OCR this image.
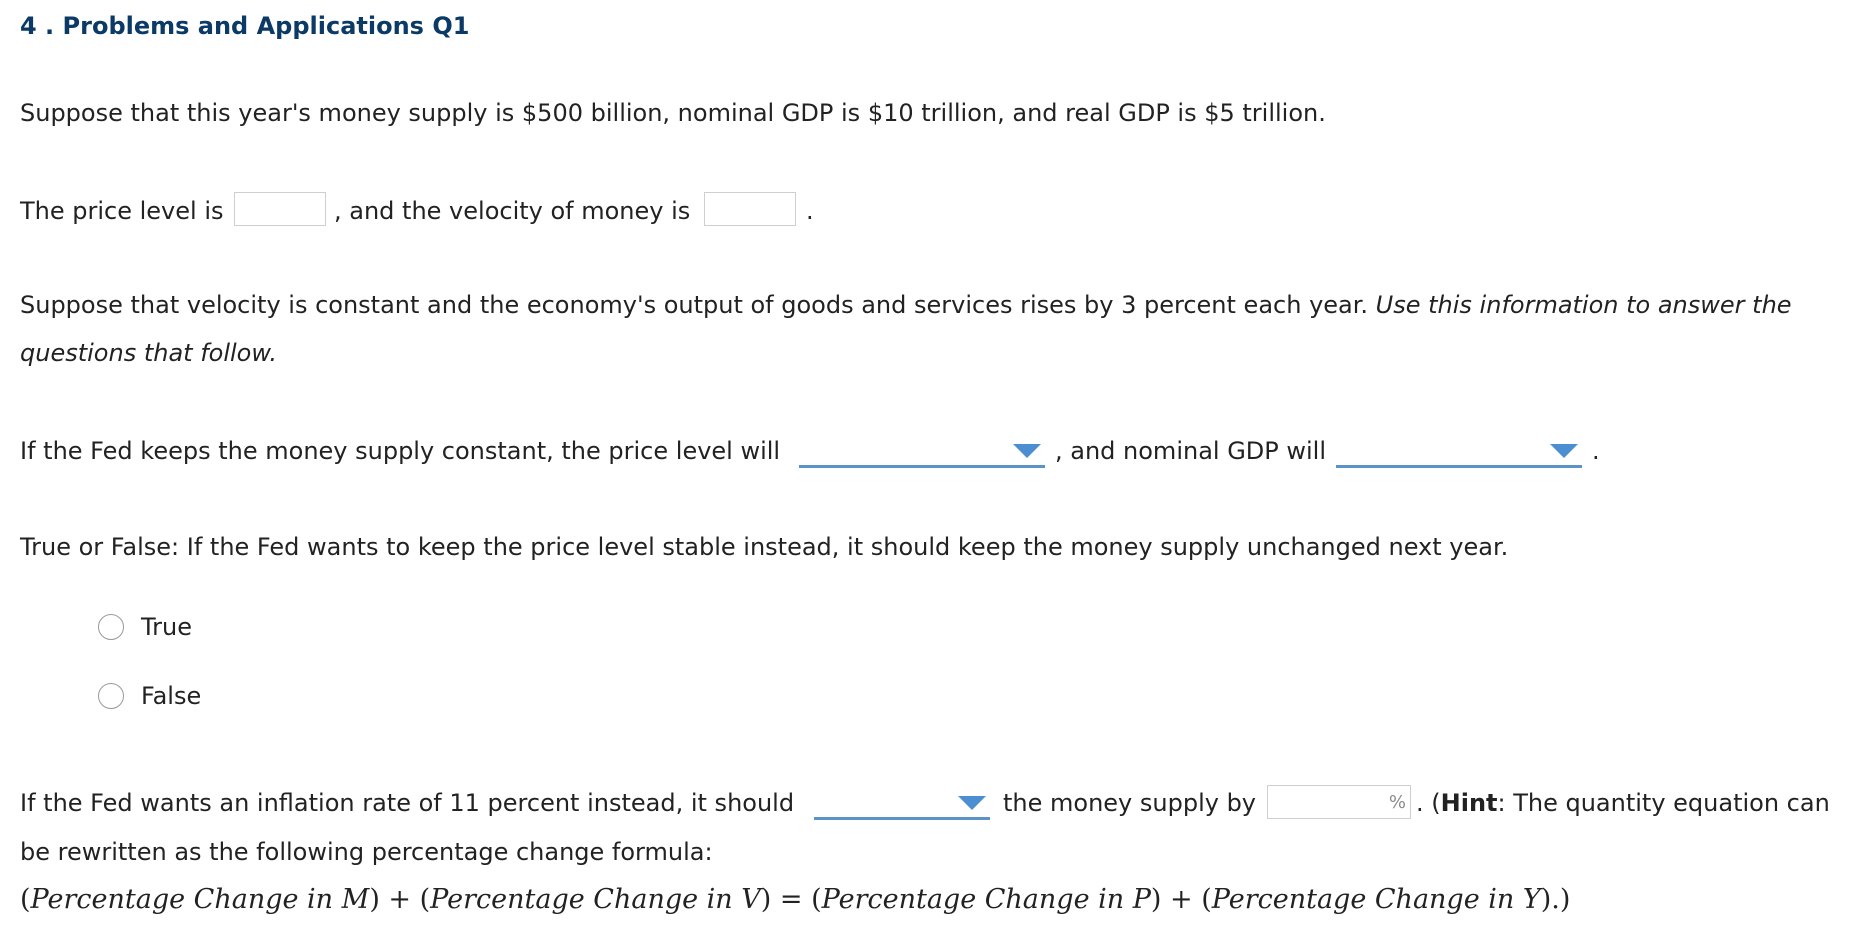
4 . Problems and Applications Q1
Suppose that this year's money supply is $500 billion, nominal GDP is $10 trillion, and real GDP is $5 trillion.
The price level is	, and the velocity of money is	.
Suppose that velocity is constant and the economy's output of goods and services rises by 3 percent each year. Use this information to answer the
questions that follow.
If the Fed keeps the money supply constant, the price level will	, and nominal GDP will	.
True or False: If the Fed wants to keep the price level stable instead, it should keep the money supply unchanged next year.
True
False
If the Fed wants an inflation rate of 11 percent instead, it should	the money supply by	% . (Hint: The quantity equation can
be rewritten as the following percentage change formula:
(Percentage Change in M) + (Percentage Change in V) = (Percentage Change in P) + (Percentage Change in Y).)
